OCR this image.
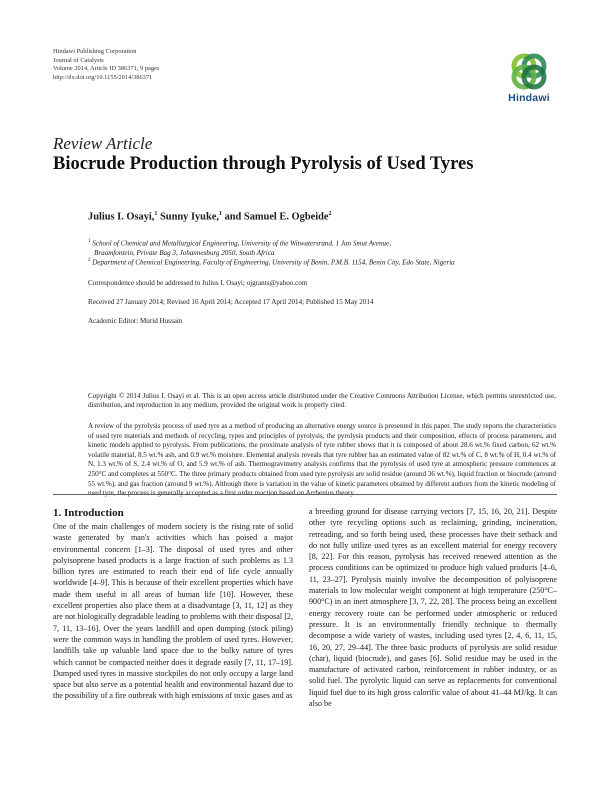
Hindawi Publishing Corporation
Journal of Catalysts
Volume 2014, Article ID 386371, 9 pages
http://dx.doi.org/10.1155/2014/386371
Hindawi
Review Article
Biocrude Production through Pyrolysis of Used Tyres
Julius I. Osayi,$^1$ Sunny Iyuke,$^1$ and Samuel E. Ogbeide$^2$
$^1$ School of Chemical and Metallurgical Engineering, University of the Witwatersrand, 1 Jan Smut Avenue,
Braamfontein, Private Bag 3, Johannesburg 2050, South Africa
$^2$ Department of Chemical Engineering, Faculty of Engineering, University of Benin, P.M.B. 1154, Benin City, Edo State, Nigeria
Correspondence should be addressed to Julius I. Osayi; ojgrants@yahoo.com
Received 27 January 2014; Revised 16 April 2014; Accepted 17 April 2014; Published 15 May 2014
Academic Editor: Murid Hussain
Copyright © 2014 Julius I. Osayi et al. This is an open access article distributed under the Creative Commons Attribution License, which permits unrestricted use, distribution, and reproduction in any medium, provided the original work is properly cited.
A review of the pyrolysis process of used tyre as a method of producing an alternative energy source is presented in this paper. The study reports the characteristics of used tyre materials and methods of recycling, types and principles of pyrolysis, the pyrolysis products and their composition, effects of process parameters, and kinetic models applied to pyrolysis. From publications, the proximate analysis of tyre rubber shows that it is composed of about 28.6 wt.% fixed carbon, 62 wt.% volatile material, 8.5 wt.% ash, and 0.9 wt.% moisture. Elemental analysis reveals that tyre rubber has an estimated value of 82 wt.% of C, 8 wt.% of H, 0.4 wt.% of N, 1.3 wt.% of S, 2.4 wt.% of O, and 5.9 wt.% of ash. Thermogravimetry analysis confirms that the pyrolysis of used tyre at atmospheric pressure commences at 250°C and completes at 550°C. The three primary products obtained from used tyre pyrolysis are solid residue (around 36 wt.%), liquid fraction or biocrude (around 55 wt.%), and gas fraction (around 9 wt.%). Although there is variation in the value of kinetic parameters obtained by different authors from the kinetic modeling of used tyre, the process is generally accepted as a first order reaction based on Arrhenius theory.
1. Introduction
One of the main challenges of modern society is the rising rate of solid waste generated by man's activities which has poised a major environmental concern [1–3]. The disposal of used tyres and other polyisoprene based products is a large fraction of such problems as 1.3 billion tyres are estimated to reach their end of life cycle annually worldwide [4–9]. This is because of their excellent properties which have made them useful in all areas of human life [10]. However, these excellent properties also place them at a disadvantage [3, 11, 12] as they are not biologically degradable leading to problems with their disposal [2, 7, 11, 13–16]. Over the years landfill and open dumping (stock piling) were the common ways in handling the problem of used tyres. However, landfills take up valuable land space due to the bulky nature of tyres which cannot be compacted neither does it degrade easily [7, 11, 17–19]. Dumped used tyres in massive stockpiles do not only occupy a large land space but also serve as a potential health and environmental hazard due to the possibility of a fire outbreak with high emissions of toxic gases and as
a breeding ground for disease carrying vectors [7, 15, 16, 20, 21]. Despite other tyre recycling options such as reclaiming, grinding, incineration, retreading, and so forth being used, these processes have their setback and do not fully utilize used tyres as an excellent material for energy recovery [8, 22]. For this reason, pyrolysis has received renewed attention as the process conditions can be optimized to produce high valued products [4–6, 11, 23–27]. Pyrolysis mainly involve the decomposition of polyisoprene materials to low molecular weight component at high temperature (250°C–900°C) in an inert atmosphere [3, 7, 22, 28]. The process being an excellent energy recovery route can be performed under atmospheric or reduced pressure. It is an environmentally friendly technique to thermally decompose a wide variety of wastes, including used tyres [2, 4, 6, 11, 15, 16, 20, 27, 29–44]. The three basic products of pyrolysis are solid residue (char), liquid (biocrude), and gases [6]. Solid residue may be used in the manufacture of activated carbon, reinforcement in rubber industry, or as solid fuel. The pyrolytic liquid can serve as replacements for conventional liquid fuel due to its high gross calorific value of about 41–44 MJ/kg. It can also be
